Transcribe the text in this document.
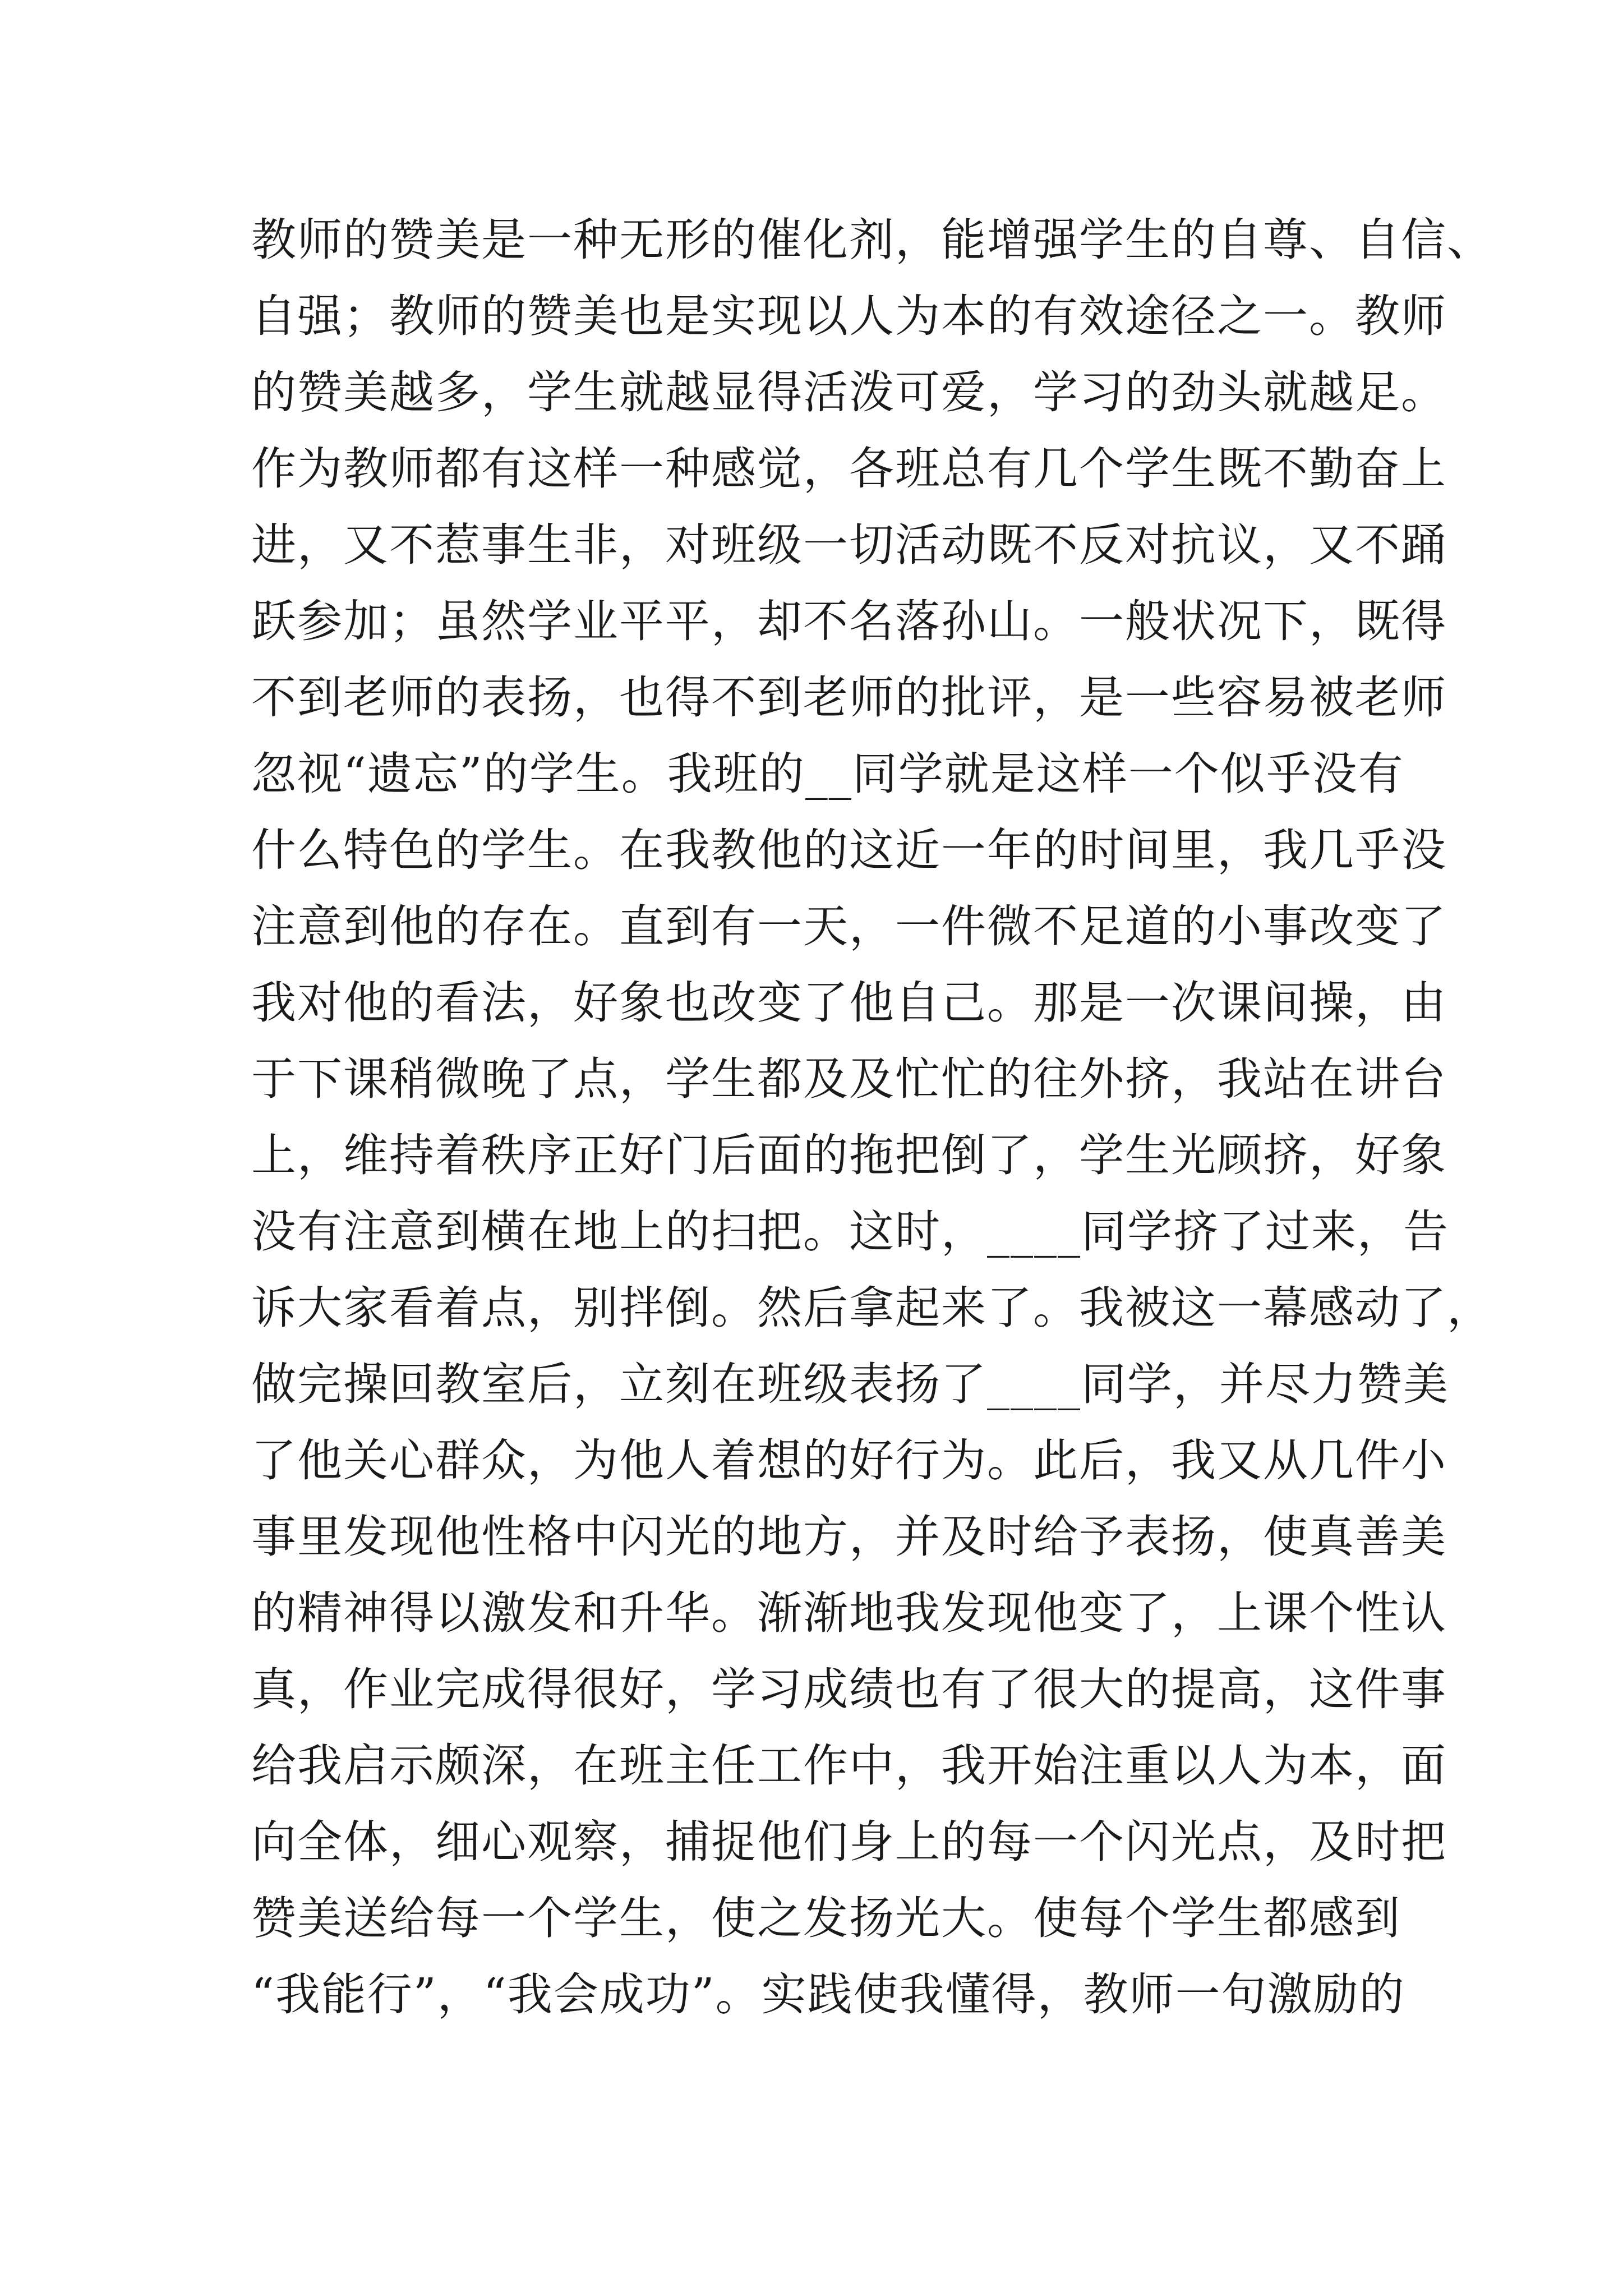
教师的赞美是一种无形的催化剂，能增强学生的自尊、自信、
自强；教师的赞美也是实现以人为本的有效途径之一。教师
的赞美越多，学生就越显得活泼可爱，学习的劲头就越足。
作为教师都有这样一种感觉，各班总有几个学生既不勤奋上
进，又不惹事生非，对班级一切活动既不反对抗议，又不踊
跃参加；虽然学业平平，却不名落孙山。一般状况下，既得
不到老师的表扬，也得不到老师的批评，是一些容易被老师
忽视“遗忘”的学生。我班的__同学就是这样一个似乎没有
什么特色的学生。在我教他的这近一年的时间里，我几乎没
注意到他的存在。直到有一天，一件微不足道的小事改变了
我对他的看法，好象也改变了他自己。那是一次课间操，由
于下课稍微晚了点，学生都及及忙忙的往外挤，我站在讲台
上，维持着秩序正好门后面的拖把倒了，学生光顾挤，好象
没有注意到横在地上的扫把。这时，____同学挤了过来，告
诉大家看着点，别拌倒。然后拿起来了。我被这一幕感动了，
做完操回教室后，立刻在班级表扬了____同学，并尽力赞美
了他关心群众，为他人着想的好行为。此后，我又从几件小
事里发现他性格中闪光的地方，并及时给予表扬，使真善美
的精神得以激发和升华。渐渐地我发现他变了，上课个性认
真，作业完成得很好，学习成绩也有了很大的提高，这件事
给我启示颇深，在班主任工作中，我开始注重以人为本，面
向全体，细心观察，捕捉他们身上的每一个闪光点，及时把
赞美送给每一个学生，使之发扬光大。使每个学生都感到
“我能行”，“我会成功”。实践使我懂得，教师一句激励的
